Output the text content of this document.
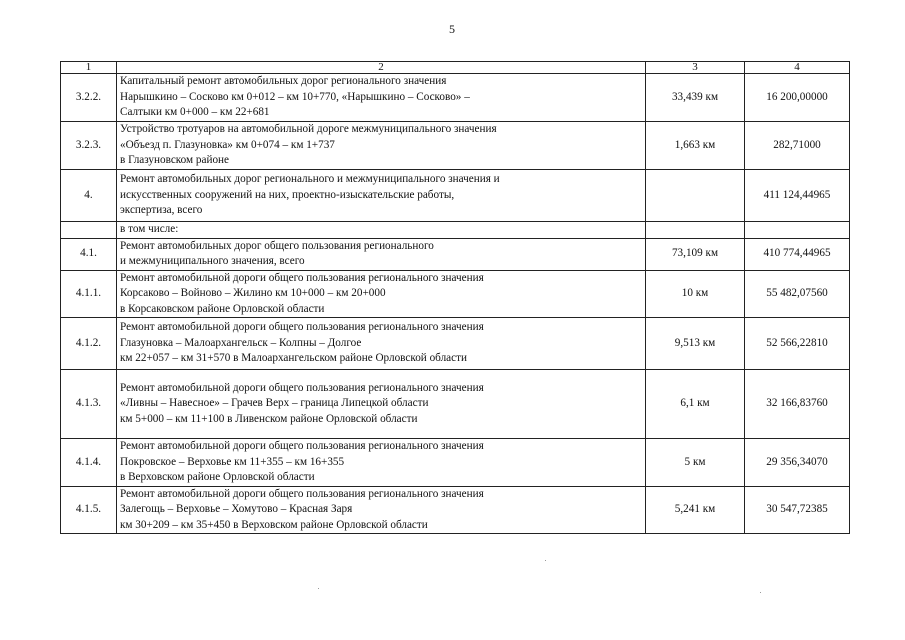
5
1	2	3	4
3.2.2.	Капитальный ремонт автомобильных дорог регионального значения
Нарышкино – Сосково км 0+012 – км 10+770, «Нарышкино – Сосково» –
Салтыки км 0+000 – км 22+681	33,439 км	16 200,00000
3.2.3.	Устройство тротуаров на автомобильной дороге межмуниципального значения
«Объезд п. Глазуновка» км 0+074 – км 1+737
в Глазуновском районе	1,663 км	282,71000
4.	Ремонт автомобильных дорог регионального и межмуниципального значения и
искусственных сооружений на них, проектно-изыскательские работы,
экспертиза, всего		411 124,44965
	в том числе:		
4.1.	Ремонт автомобильных дорог общего пользования регионального
и межмуниципального значения, всего	73,109 км	410 774,44965
4.1.1.	Ремонт автомобильной дороги общего пользования регионального значения
Корсаково – Войново – Жилино км 10+000 – км 20+000
в Корсаковском районе Орловской области	10 км	55 482,07560
4.1.2.	Ремонт автомобильной дороги общего пользования регионального значения
Глазуновка – Малоархангельск – Колпны – Долгое
км 22+057 – км 31+570 в Малоархангельском районе Орловской области	9,513 км	52 566,22810
4.1.3.	Ремонт автомобильной дороги общего пользования регионального значения
«Ливны – Навесное» – Грачев Верх – граница Липецкой области
км 5+000 – км 11+100 в Ливенском районе Орловской области	6,1 км	32 166,83760
4.1.4.	Ремонт автомобильной дороги общего пользования регионального значения
Покровское – Верховье км 11+355 – км 16+355
в Верховском районе Орловской области	5 км	29 356,34070
4.1.5.	Ремонт автомобильной дороги общего пользования регионального значения
Залегощь – Верховье – Хомутово – Красная Заря
км 30+209 – км 35+450 в Верховском районе Орловской области	5,241 км	30 547,72385
